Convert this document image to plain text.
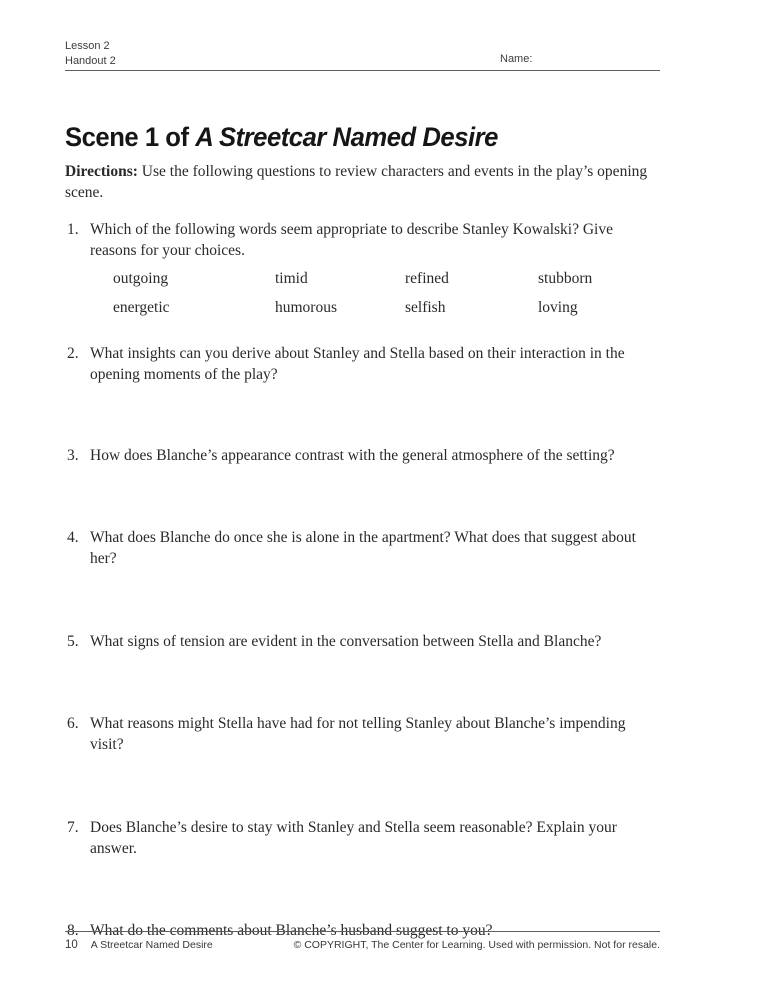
Lesson 2
Handout 2	Name:
Scene 1 of A Streetcar Named Desire
Directions: Use the following questions to review characters and events in the play’s opening scene.
1. Which of the following words seem appropriate to describe Stanley Kowalski? Give reasons for your choices.
outgoing	timid	refined	stubborn
energetic	humorous	selfish	loving
2. What insights can you derive about Stanley and Stella based on their interaction in the opening moments of the play?
3. How does Blanche’s appearance contrast with the general atmosphere of the setting?
4. What does Blanche do once she is alone in the apartment? What does that suggest about her?
5. What signs of tension are evident in the conversation between Stella and Blanche?
6. What reasons might Stella have had for not telling Stanley about Blanche’s impending visit?
7. Does Blanche’s desire to stay with Stanley and Stella seem reasonable? Explain your answer.
8. What do the comments about Blanche’s husband suggest to you?
10 A Streetcar Named Desire	© COPYRIGHT, The Center for Learning. Used with permission. Not for resale.
